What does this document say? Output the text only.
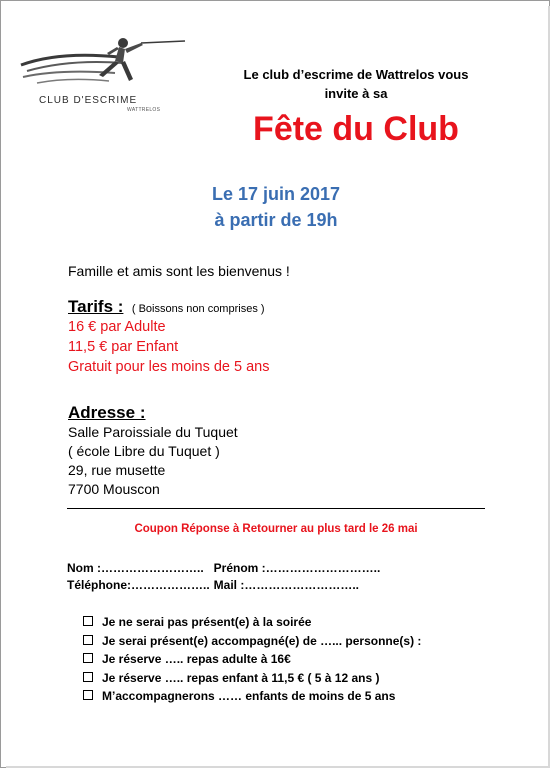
CLUB D'ESCRIME
WATTRELOS
Le club d’escrime de Wattrelos vous
invite à sa
Fête du Club
Le 17 juin 2017
à partir de 19h
Famille et amis sont les bienvenus !
Tarifs : ( Boissons non comprises )
16 € par Adulte
11,5 € par Enfant
Gratuit pour les moins de 5 ans
Adresse :
Salle Paroissiale du Tuquet
( école Libre du Tuquet )
29, rue musette
7700 Mouscon
Coupon Réponse à Retourner au plus tard le 26 mai
Nom :…………………….. Prénom :………………………..
Téléphone:……………….. Mail :………………………..
Je ne serai pas présent(e) à la soirée
Je serai présent(e) accompagné(e) de …... personne(s) :
Je réserve ….. repas adulte à 16€
Je réserve ….. repas enfant à 11,5 € ( 5 à 12 ans )
M’accompagnerons …… enfants de moins de 5 ans
